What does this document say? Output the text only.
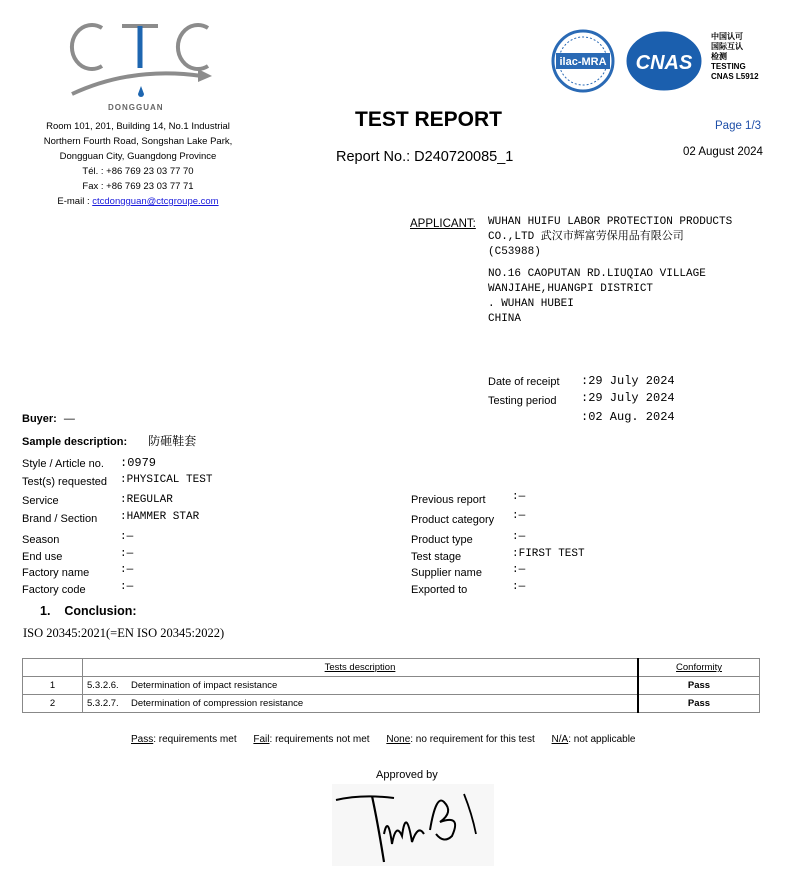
DONGGUAN
Room 101, 201, Building 14, No.1 Industrial
Northern Fourth Road, Songshan Lake Park,
Dongguan City, Guangdong Province
Tél. : +86 769 23 03 77 70
Fax : +86 769 23 03 77 71
E-mail : ctcdongguan@ctcgroupe.com
ilac-MRA CNAS
中国认可
国际互认
检测
TESTING
CNAS L5912
TEST REPORT
Report No.: D240720085_1
Page 1/3
02 August 2024
APPLICANT: WUHAN HUIFU LABOR PROTECTION PRODUCTS
CO.,LTD 武汉市辉富劳保用品有限公司
(C53988)
NO.16 CAOPUTAN RD.LIUQIAO VILLAGE
WANJIAHE,HUANGPI DISTRICT
. WUHAN HUBEI
CHINA
Date of receipt :29 July 2024
Testing period :29 July 2024
:02 Aug. 2024
Buyer: —
Sample description: 防砸鞋套
Style / Article no. :0979
Test(s) requested :PHYSICAL TEST
Service	:REGULAR
Brand / Section :HAMMER STAR
Season	:—
End use	:—
Factory name	:—
Factory code	:—
Previous report :—
Product category :—
Product type	:—
Test stage	:FIRST TEST
Supplier name	:—
Exported to	:—
1.    Conclusion:
ISO 20345:2021(=EN ISO 20345:2022)
	Tests description		Conformity
1	5.3.2.6.	Determination of impact resistance	Pass
2	5.3.2.7.	Determination of compression resistance	Pass
Pass: requirements met Fail: requirements not met None: no requirement for this test N/A: not applicable
Approved by
